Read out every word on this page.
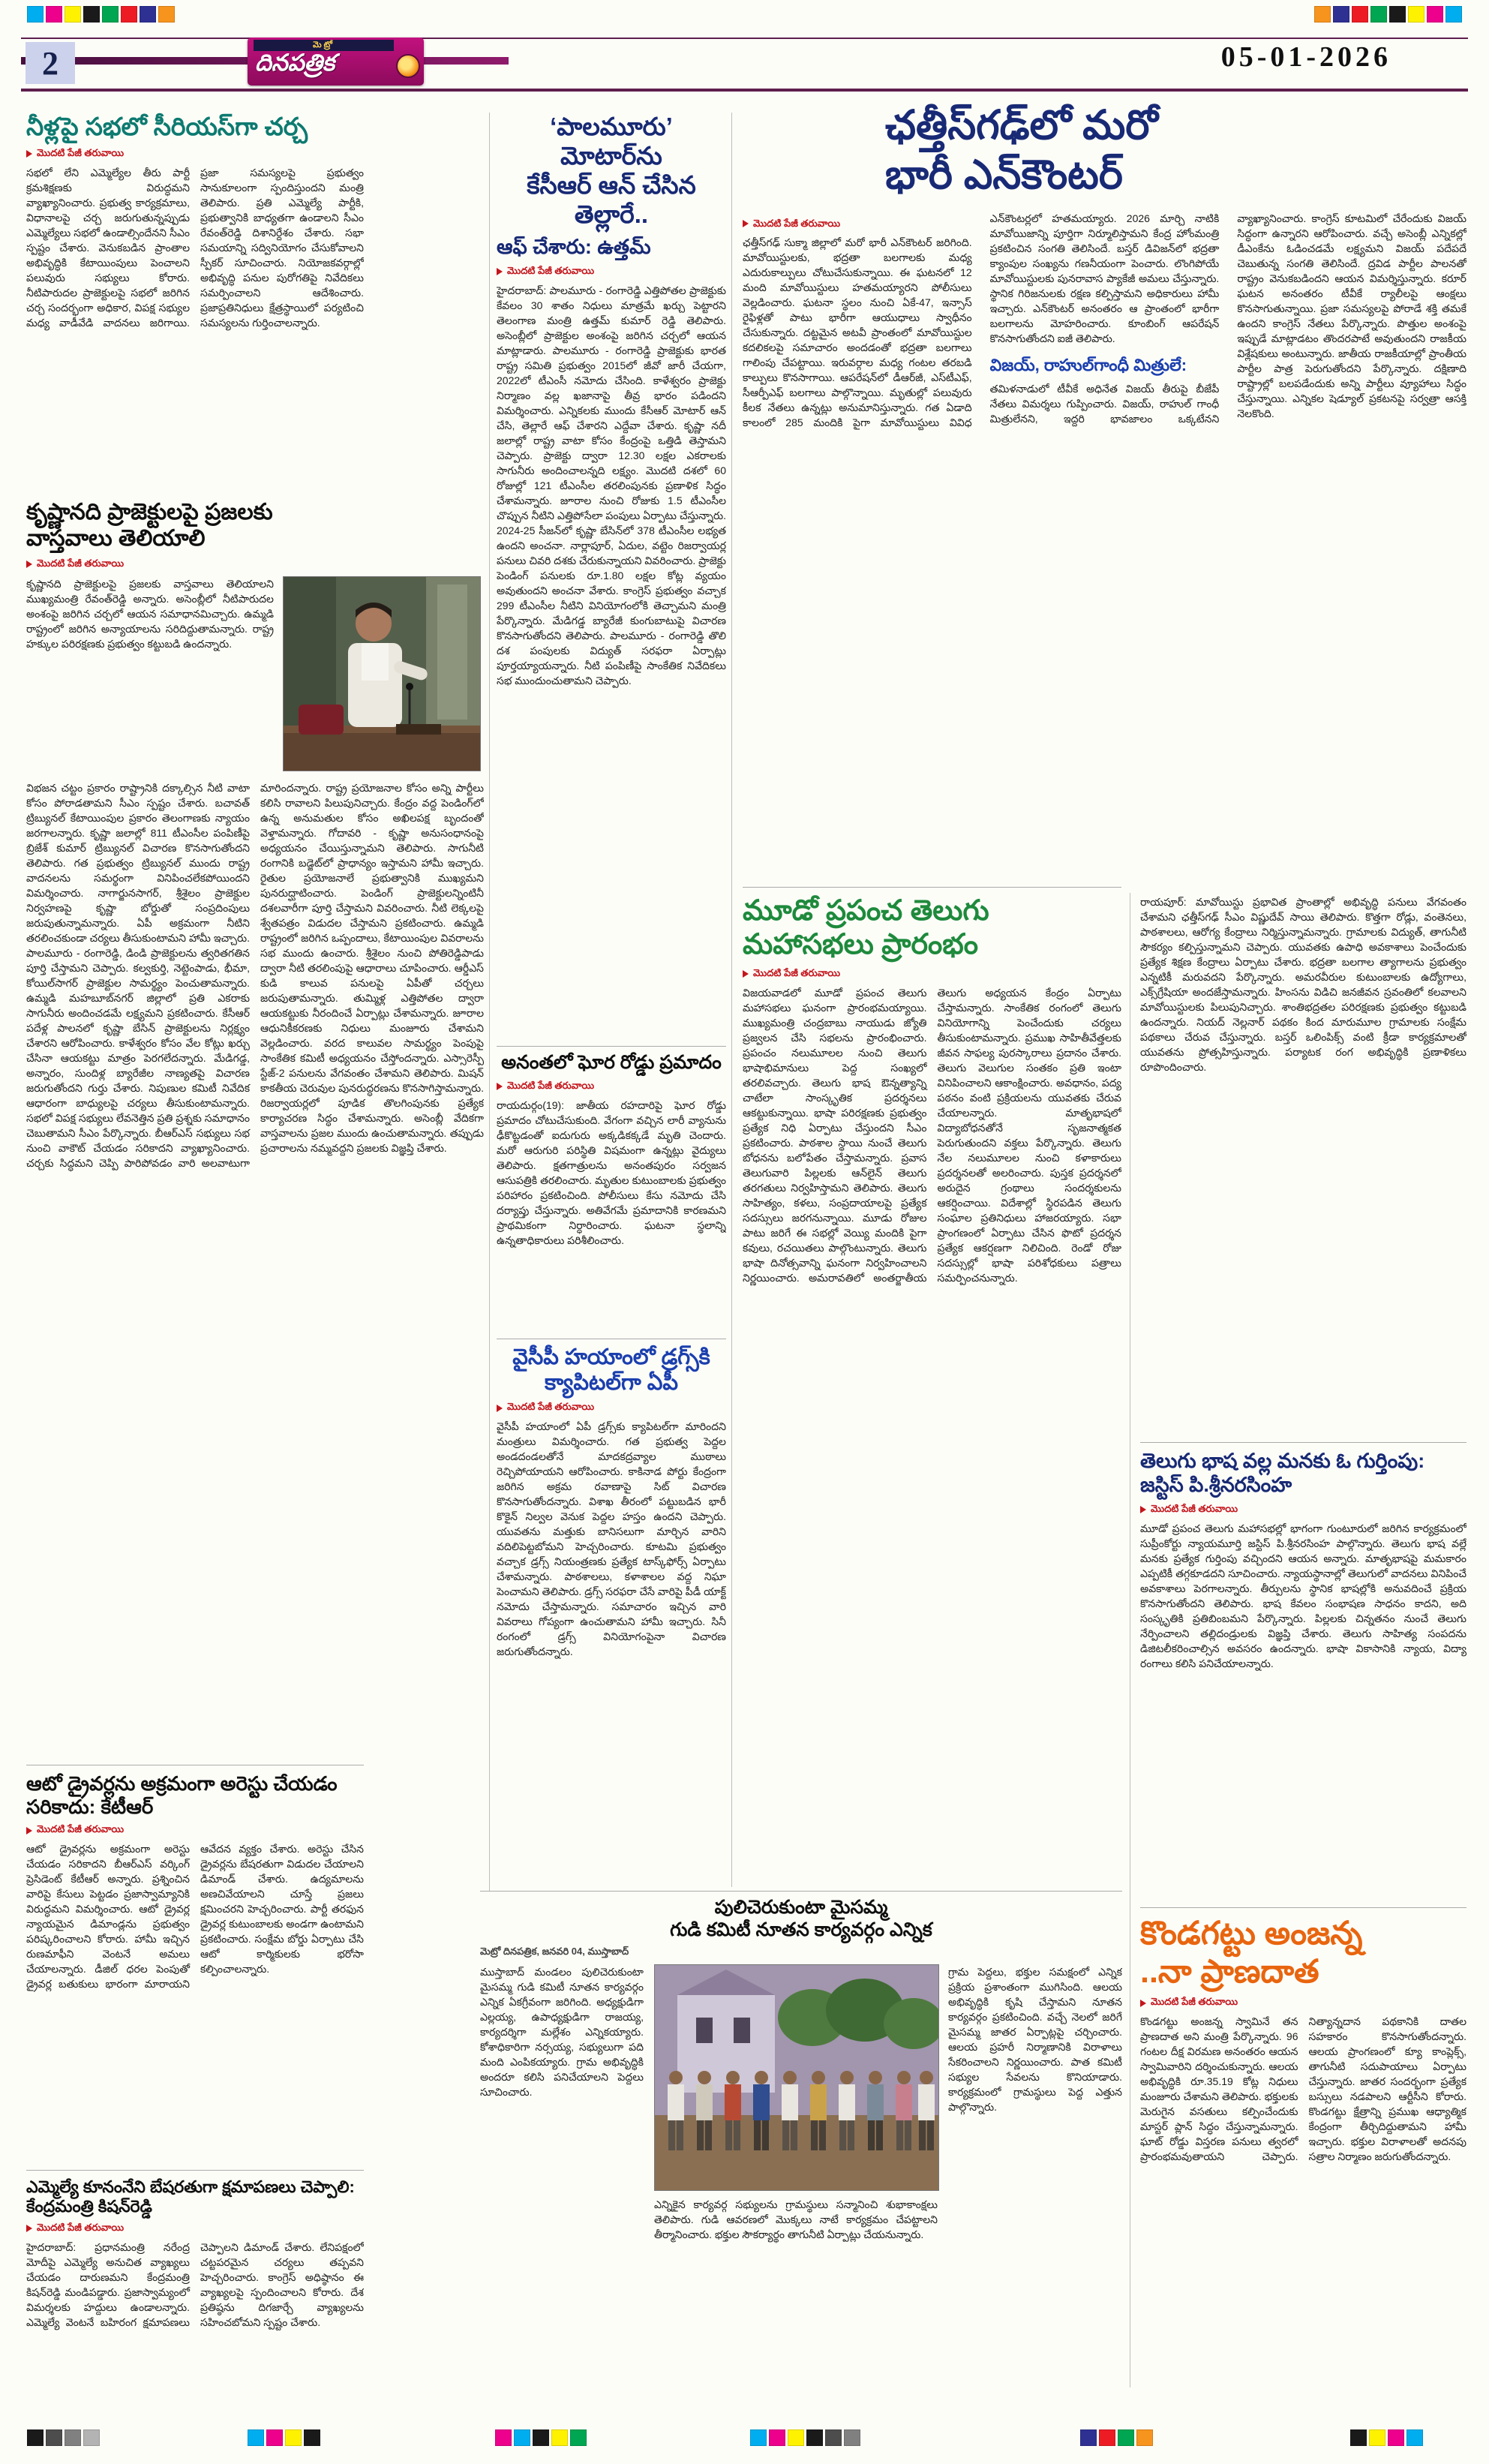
2	మెట్రో
దినపత్రిక	05-01-2026
నీళ్లపై సభలో సీరియస్‌గా చర్చ
మొదటి పేజీ తరువాయి
సభలో లేని ఎమ్మెల్యేల తీరు పార్టీ క్రమశిక్షణకు విరుద్ధమని వ్యాఖ్యానించారు. ప్రభుత్వ కార్యక్రమాలు, విధానాలపై చర్చ జరుగుతున్నప్పుడు ఎమ్మెల్యేలు సభలో ఉండాల్సిందేనని సీఎం స్పష్టం చేశారు. వెనుకబడిన ప్రాంతాల అభివృద్ధికి కేటాయింపులు పెంచాలని పలువురు సభ్యులు కోరారు. నీటిపారుదల ప్రాజెక్టులపై సభలో జరిగిన చర్చ సందర్భంగా అధికార, విపక్ష సభ్యుల మధ్య వాడీవేడి వాదనలు జరిగాయి. ప్రజా సమస్యలపై ప్రభుత్వం సానుకూలంగా స్పందిస్తుందని మంత్రి తెలిపారు. ప్రతి ఎమ్మెల్యే పార్టీకి, ప్రభుత్వానికి బాధ్యతగా ఉండాలని సీఎం రేవంత్‌రెడ్డి దిశానిర్దేశం చేశారు. సభా సమయాన్ని సద్వినియోగం చేసుకోవాలని స్పీకర్ సూచించారు. నియోజకవర్గాల్లో అభివృద్ధి పనుల పురోగతిపై నివేదికలు సమర్పించాలని ఆదేశించారు. ప్రజాప్రతినిధులు క్షేత్రస్థాయిలో పర్యటించి సమస్యలను గుర్తించాలన్నారు.
కృష్ణానది ప్రాజెక్టులపై ప్రజలకు వాస్తవాలు తెలియాలి
మొదటి పేజీ తరువాయి
కృష్ణానది ప్రాజెక్టులపై ప్రజలకు వాస్తవాలు తెలియాలని ముఖ్యమంత్రి రేవంత్‌రెడ్డి అన్నారు. అసెంబ్లీలో నీటిపారుదల అంశంపై జరిగిన చర్చలో ఆయన సమాధానమిచ్చారు. ఉమ్మడి రాష్ట్రంలో జరిగిన అన్యాయాలను సరిదిద్దుతామన్నారు. రాష్ట్ర హక్కుల పరిరక్షణకు ప్రభుత్వం కట్టుబడి ఉందన్నారు.
విభజన చట్టం ప్రకారం రాష్ట్రానికి దక్కాల్సిన నీటి వాటా కోసం పోరాడతామని సీఎం స్పష్టం చేశారు. బచావత్ ట్రిబ్యునల్ కేటాయింపుల ప్రకారం తెలంగాణకు న్యాయం జరగాలన్నారు. కృష్ణా జలాల్లో 811 టీఎంసీల పంపిణీపై బ్రిజేశ్ కుమార్ ట్రిబ్యునల్ విచారణ కొనసాగుతోందని తెలిపారు. గత ప్రభుత్వం ట్రిబ్యునల్ ముందు రాష్ట్ర వాదనలను సమర్థంగా వినిపించలేకపోయిందని విమర్శించారు. నాగార్జునసాగర్, శ్రీశైలం ప్రాజెక్టుల నిర్వహణపై కృష్ణా బోర్డుతో సంప్రదింపులు జరుపుతున్నామన్నారు. ఏపీ అక్రమంగా నీటిని తరలించకుండా చర్యలు తీసుకుంటామని హామీ ఇచ్చారు. పాలమూరు - రంగారెడ్డి, డిండి ప్రాజెక్టులను త్వరితగతిన పూర్తి చేస్తామని చెప్పారు. కల్వకుర్తి, నెట్టెంపాడు, భీమా, కోయిల్‌సాగర్ ప్రాజెక్టుల సామర్థ్యం పెంచుతామన్నారు. ఉమ్మడి మహబూబ్‌నగర్ జిల్లాలో ప్రతి ఎకరాకు సాగునీరు అందించడమే లక్ష్యమని ప్రకటించారు. కేసీఆర్ పదేళ్ల పాలనలో కృష్ణా బేసిన్ ప్రాజెక్టులను నిర్లక్ష్యం చేశారని ఆరోపించారు. కాళేశ్వరం కోసం వేల కోట్లు ఖర్చు చేసినా ఆయకట్టు మాత్రం పెరగలేదన్నారు. మేడిగడ్డ, అన్నారం, సుందిళ్ల బ్యారేజీల నాణ్యతపై విచారణ జరుగుతోందని గుర్తు చేశారు. నిపుణుల కమిటీ నివేదిక ఆధారంగా బాధ్యులపై చర్యలు తీసుకుంటామన్నారు. సభలో విపక్ష సభ్యులు లేవనెత్తిన ప్రతి ప్రశ్నకు సమాధానం చెబుతామని సీఎం పేర్కొన్నారు. బీఆర్ఎస్ సభ్యులు సభ నుంచి వాకౌట్ చేయడం సరికాదని వ్యాఖ్యానించారు. చర్చకు సిద్ధమని చెప్పి పారిపోవడం వారి అలవాటుగా మారిందన్నారు. రాష్ట్ర ప్రయోజనాల కోసం అన్ని పార్టీలు కలిసి రావాలని పిలుపునిచ్చారు. కేంద్రం వద్ద పెండింగ్‌లో ఉన్న అనుమతుల కోసం అఖిలపక్ష బృందంతో వెళ్తామన్నారు. గోదావరి - కృష్ణా అనుసంధానంపై అధ్యయనం చేయిస్తున్నామని తెలిపారు. సాగునీటి రంగానికి బడ్జెట్‌లో ప్రాధాన్యం ఇస్తామని హామీ ఇచ్చారు. రైతుల ప్రయోజనాలే ప్రభుత్వానికి ముఖ్యమని పునరుద్ఘాటించారు. పెండింగ్ ప్రాజెక్టులన్నింటినీ దశలవారీగా పూర్తి చేస్తామని వివరించారు. నీటి లెక్కలపై శ్వేతపత్రం విడుదల చేస్తామని ప్రకటించారు. ఉమ్మడి రాష్ట్రంలో జరిగిన ఒప్పందాలు, కేటాయింపుల వివరాలను సభ ముందు ఉంచారు. శ్రీశైలం నుంచి పోతిరెడ్డిపాడు ద్వారా నీటి తరలింపుపై ఆధారాలు చూపించారు. ఆర్డీఎస్ కుడి కాలువ పనులపై ఏపీతో చర్చలు జరుపుతామన్నారు. తుమ్మిళ్ల ఎత్తిపోతల ద్వారా ఆయకట్టుకు నీరందించే ఏర్పాట్లు చేశామన్నారు. జూరాల ఆధునికీకరణకు నిధులు మంజూరు చేశామని వెల్లడించారు. వరద కాలువల సామర్థ్యం పెంపుపై సాంకేతిక కమిటీ అధ్యయనం చేస్తోందన్నారు. ఎస్సారెస్పీ స్టేజ్-2 పనులను వేగవంతం చేశామని తెలిపారు. మిషన్ కాకతీయ చెరువుల పునరుద్ధరణను కొనసాగిస్తామన్నారు. రిజర్వాయర్లలో పూడిక తొలగింపునకు ప్రత్యేక కార్యాచరణ సిద్ధం చేశామన్నారు. అసెంబ్లీ వేదికగా వాస్తవాలను ప్రజల ముందు ఉంచుతామన్నారు. తప్పుడు ప్రచారాలను నమ్మవద్దని ప్రజలకు విజ్ఞప్తి చేశారు.
ఆటో డ్రైవర్లను అక్రమంగా అరెస్టు చేయడం సరికాదు: కేటీఆర్
మొదటి పేజీ తరువాయి
ఆటో డ్రైవర్లను అక్రమంగా అరెస్టు చేయడం సరికాదని బీఆర్ఎస్ వర్కింగ్ ప్రెసిడెంట్ కేటీఆర్ అన్నారు. ప్రశ్నించిన వారిపై కేసులు పెట్టడం ప్రజాస్వామ్యానికి విరుద్ధమని విమర్శించారు. ఆటో డ్రైవర్ల న్యాయమైన డిమాండ్లను ప్రభుత్వం పరిష్కరించాలని కోరారు. హామీ ఇచ్చిన రుణమాఫీని వెంటనే అమలు చేయాలన్నారు. డీజిల్ ధరల పెంపుతో డ్రైవర్ల బతుకులు భారంగా మారాయని ఆవేదన వ్యక్తం చేశారు. అరెస్టు చేసిన డ్రైవర్లను బేషరతుగా విడుదల చేయాలని డిమాండ్ చేశారు. ఉద్యమాలను అణచివేయాలని చూస్తే ప్రజలు క్షమించరని హెచ్చరించారు. పార్టీ తరఫున డ్రైవర్ల కుటుంబాలకు అండగా ఉంటామని ప్రకటించారు. సంక్షేమ బోర్డు ఏర్పాటు చేసి ఆటో కార్మికులకు భరోసా కల్పించాలన్నారు.
ఎమ్మెల్యే కూనంనేని బేషరతుగా క్షమాపణలు చెప్పాలి: కేంద్రమంత్రి కిషన్‌రెడ్డి
మొదటి పేజీ తరువాయి
హైదరాబాద్: ప్రధానమంత్రి నరేంద్ర మోదీపై ఎమ్మెల్యే అనుచిత వ్యాఖ్యలు చేయడం దారుణమని కేంద్రమంత్రి కిషన్‌రెడ్డి మండిపడ్డారు. ప్రజాస్వామ్యంలో విమర్శలకు హద్దులు ఉండాలన్నారు. ఎమ్మెల్యే వెంటనే బహిరంగ క్షమాపణలు చెప్పాలని డిమాండ్ చేశారు. లేనిపక్షంలో చట్టపరమైన చర్యలు తప్పవని హెచ్చరించారు. కాంగ్రెస్ అధిష్ఠానం ఈ వ్యాఖ్యలపై స్పందించాలని కోరారు. దేశ ప్రతిష్ఠను దిగజార్చే వ్యాఖ్యలను సహించబోమని స్పష్టం చేశారు.
‘పాలమూరు’ మోటార్‌ను
కేసీఆర్ ఆన్ చేసిన తెల్లారే..
ఆఫ్ చేశారు: ఉత్తమ్
మొదటి పేజీ తరువాయి
హైదరాబాద్: పాలమూరు - రంగారెడ్డి ఎత్తిపోతల ప్రాజెక్టుకు కేవలం 30 శాతం నిధులు మాత్రమే ఖర్చు పెట్టారని తెలంగాణ మంత్రి ఉత్తమ్ కుమార్ రెడ్డి తెలిపారు. అసెంబ్లీలో ప్రాజెక్టుల అంశంపై జరిగిన చర్చలో ఆయన మాట్లాడారు. పాలమూరు - రంగారెడ్డి ప్రాజెక్టుకు భారత రాష్ట్ర సమితి ప్రభుత్వం 2015లో జీవో జారీ చేయగా, 2022లో టీఎంసీ నమోదు చేసింది. కాళేశ్వరం ప్రాజెక్టు నిర్మాణం వల్ల ఖజానాపై తీవ్ర భారం పడిందని విమర్శించారు. ఎన్నికలకు ముందు కేసీఆర్ మోటార్ ఆన్ చేసి, తెల్లారే ఆఫ్ చేశారని ఎద్దేవా చేశారు. కృష్ణా నదీ జలాల్లో రాష్ట్ర వాటా కోసం కేంద్రంపై ఒత్తిడి తెస్తామని చెప్పారు. ప్రాజెక్టు ద్వారా 12.30 లక్షల ఎకరాలకు సాగునీరు అందించాలన్నది లక్ష్యం. మొదటి దశలో 60 రోజుల్లో 121 టీఎంసీల తరలింపునకు ప్రణాళిక సిద్ధం చేశామన్నారు. జూరాల నుంచి రోజుకు 1.5 టీఎంసీల చొప్పున నీటిని ఎత్తిపోసేలా పంపులు ఏర్పాటు చేస్తున్నారు. 2024-25 సీజన్‌లో కృష్ణా బేసిన్‌లో 378 టీఎంసీల లభ్యత ఉందని అంచనా. నార్లాపూర్, ఏదుల, వట్టెం రిజర్వాయర్ల పనులు చివరి దశకు చేరుకున్నాయని వివరించారు. ప్రాజెక్టు పెండింగ్ పనులకు రూ.1.80 లక్షల కోట్ల వ్యయం అవుతుందని అంచనా వేశారు. కాంగ్రెస్ ప్రభుత్వం వచ్చాక 299 టీఎంసీల నీటిని వినియోగంలోకి తెచ్చామని మంత్రి పేర్కొన్నారు. మేడిగడ్డ బ్యారేజీ కుంగుబాటుపై విచారణ కొనసాగుతోందని తెలిపారు. పాలమూరు - రంగారెడ్డి తొలి దశ పంపులకు విద్యుత్ సరఫరా ఏర్పాట్లు పూర్తయ్యాయన్నారు. నీటి పంపిణీపై సాంకేతిక నివేదికలు సభ ముందుంచుతామని చెప్పారు.
అనంతలో ఘోర రోడ్డు ప్రమాదం
మొదటి పేజీ తరువాయి
రాయదుర్గం(19): జాతీయ రహదారిపై ఘోర రోడ్డు ప్రమాదం చోటుచేసుకుంది. వేగంగా వచ్చిన లారీ వ్యానును ఢీకొట్టడంతో ఐదుగురు అక్కడికక్కడే మృతి చెందారు. మరో ఆరుగురి పరిస్థితి విషమంగా ఉన్నట్లు వైద్యులు తెలిపారు. క్షతగాత్రులను అనంతపురం సర్వజన ఆసుపత్రికి తరలించారు. మృతుల కుటుంబాలకు ప్రభుత్వం పరిహారం ప్రకటించింది. పోలీసులు కేసు నమోదు చేసి దర్యాప్తు చేస్తున్నారు. అతివేగమే ప్రమాదానికి కారణమని ప్రాథమికంగా నిర్ధారించారు. ఘటనా స్థలాన్ని ఉన్నతాధికారులు పరిశీలించారు.
వైసీపీ హయాంలో డ్రగ్స్‌కి
క్యాపిటల్‌గా ఏపీ
మొదటి పేజీ తరువాయి
వైసీపీ హయాంలో ఏపీ డ్రగ్స్‌కు క్యాపిటల్‌గా మారిందని మంత్రులు విమర్శించారు. గత ప్రభుత్వ పెద్దల అండదండలతోనే మాదకద్రవ్యాల ముఠాలు రెచ్చిపోయాయని ఆరోపించారు. కాకినాడ పోర్టు కేంద్రంగా జరిగిన అక్రమ రవాణాపై సిట్ విచారణ కొనసాగుతోందన్నారు. విశాఖ తీరంలో పట్టుబడిన భారీ కొకైన్ నిల్వల వెనుక పెద్దల హస్తం ఉందని చెప్పారు. యువతను మత్తుకు బానిసలుగా మార్చిన వారిని వదిలిపెట్టబోమని హెచ్చరించారు. కూటమి ప్రభుత్వం వచ్చాక డ్రగ్స్ నియంత్రణకు ప్రత్యేక టాస్క్‌ఫోర్స్ ఏర్పాటు చేశామన్నారు. పాఠశాలలు, కళాశాలల వద్ద నిఘా పెంచామని తెలిపారు. డ్రగ్స్ సరఫరా చేసే వారిపై పీడీ యాక్ట్ నమోదు చేస్తామన్నారు. సమాచారం ఇచ్చిన వారి వివరాలు గోప్యంగా ఉంచుతామని హామీ ఇచ్చారు. సినీ రంగంలో డ్రగ్స్ వినియోగంపైనా విచారణ జరుగుతోందన్నారు.
పులిచెరుకుంటా మైసమ్మ
గుడి కమిటీ నూతన కార్యవర్గం ఎన్నిక
మెట్రో దినపత్రిక, జనవరి 04, ముస్తాబాద్
ముస్తాబాద్ మండలం పులిచెరుకుంటా మైసమ్మ గుడి కమిటీ నూతన కార్యవర్గం ఎన్నిక ఏకగ్రీవంగా జరిగింది. అధ్యక్షుడిగా ఎల్లయ్య, ఉపాధ్యక్షుడిగా రాజయ్య, కార్యదర్శిగా మల్లేశం ఎన్నికయ్యారు. కోశాధికారిగా నర్సయ్య, సభ్యులుగా పది మంది ఎంపికయ్యారు. గ్రామ అభివృద్ధికి అందరూ కలిసి పనిచేయాలని పెద్దలు సూచించారు.
ఎన్నికైన కార్యవర్గ సభ్యులను గ్రామస్థులు సన్మానించి శుభాకాంక్షలు తెలిపారు. గుడి ఆవరణలో మొక్కలు నాటే కార్యక్రమం చేపట్టాలని తీర్మానించారు. భక్తుల సౌకర్యార్థం తాగునీటి ఏర్పాట్లు చేయనున్నారు.
గ్రామ పెద్దలు, భక్తుల సమక్షంలో ఎన్నిక ప్రక్రియ ప్రశాంతంగా ముగిసింది. ఆలయ అభివృద్ధికి కృషి చేస్తామని నూతన కార్యవర్గం ప్రకటించింది. వచ్చే నెలలో జరిగే మైసమ్మ జాతర ఏర్పాట్లపై చర్చించారు. ఆలయ ప్రహరీ నిర్మాణానికి విరాళాలు సేకరించాలని నిర్ణయించారు. పాత కమిటీ సభ్యుల సేవలను కొనియాడారు. కార్యక్రమంలో గ్రామస్థులు పెద్ద ఎత్తున పాల్గొన్నారు.
ఛత్తీస్‌గఢ్‌లో మరో
భారీ ఎన్‌కౌంటర్
మొదటి పేజీ తరువాయి
ఛత్తీస్‌గఢ్ సుక్మా జిల్లాలో మరో భారీ ఎన్‌కౌంటర్ జరిగింది. మావోయిస్టులకు, భద్రతా బలగాలకు మధ్య ఎదురుకాల్పులు చోటుచేసుకున్నాయి. ఈ ఘటనలో 12 మంది మావోయిస్టులు హతమయ్యారని పోలీసులు వెల్లడించారు. ఘటనా స్థలం నుంచి ఏకే-47, ఇన్సాస్ రైఫిళ్లతో పాటు భారీగా ఆయుధాలు స్వాధీనం చేసుకున్నారు. దట్టమైన అటవీ ప్రాంతంలో మావోయిస్టుల కదలికలపై సమాచారం అందడంతో భద్రతా బలగాలు గాలింపు చేపట్టాయి. ఇరువర్గాల మధ్య గంటల తరబడి కాల్పులు కొనసాగాయి. ఆపరేషన్‌లో డీఆర్‌జీ, ఎస్‌టీఎఫ్, సీఆర్పీఎఫ్ బలగాలు పాల్గొన్నాయి. మృతుల్లో పలువురు కీలక నేతలు ఉన్నట్లు అనుమానిస్తున్నారు. గత ఏడాది కాలంలో 285 మందికి పైగా మావోయిస్టులు వివిధ ఎన్‌కౌంటర్లలో హతమయ్యారు. 2026 మార్చి నాటికి మావోయిజాన్ని పూర్తిగా నిర్మూలిస్తామని కేంద్ర హోంమంత్రి ప్రకటించిన సంగతి తెలిసిందే. బస్తర్ డివిజన్‌లో భద్రతా క్యాంపుల సంఖ్యను గణనీయంగా పెంచారు. లొంగిపోయే మావోయిస్టులకు పునరావాస ప్యాకేజీ అమలు చేస్తున్నారు. స్థానిక గిరిజనులకు రక్షణ కల్పిస్తామని అధికారులు హామీ ఇచ్చారు. ఎన్‌కౌంటర్ అనంతరం ఆ ప్రాంతంలో భారీగా బలగాలను మోహరించారు. కూంబింగ్ ఆపరేషన్ కొనసాగుతోందని ఐజీ తెలిపారు.
విజయ్, రాహుల్‌గాంధీ మిత్రులే:
తమిళనాడులో టీవీకే అధినేత విజయ్ తీరుపై బీజేపీ నేతలు విమర్శలు గుప్పించారు. విజయ్, రాహుల్ గాంధీ మిత్రులేనని, ఇద్దరి భావజాలం ఒక్కటేనని వ్యాఖ్యానించారు. కాంగ్రెస్ కూటమిలో చేరేందుకు విజయ్ సిద్ధంగా ఉన్నారని ఆరోపించారు. వచ్చే అసెంబ్లీ ఎన్నికల్లో డీఎంకేను ఓడించడమే లక్ష్యమని విజయ్ పదేపదే చెబుతున్న సంగతి తెలిసిందే. ద్రవిడ పార్టీల పాలనతో రాష్ట్రం వెనుకబడిందని ఆయన విమర్శిస్తున్నారు. కరూర్ ఘటన అనంతరం టీవీకే ర్యాలీలపై ఆంక్షలు కొనసాగుతున్నాయి. ప్రజా సమస్యలపై పోరాడే శక్తి తమకే ఉందని కాంగ్రెస్ నేతలు పేర్కొన్నారు. పొత్తుల అంశంపై ఇప్పుడే మాట్లాడటం తొందరపాటే అవుతుందని రాజకీయ విశ్లేషకులు అంటున్నారు. జాతీయ రాజకీయాల్లో ప్రాంతీయ పార్టీల పాత్ర పెరుగుతోందని పేర్కొన్నారు. దక్షిణాది రాష్ట్రాల్లో బలపడేందుకు అన్ని పార్టీలు వ్యూహాలు సిద్ధం చేస్తున్నాయి. ఎన్నికల షెడ్యూల్ ప్రకటనపై సర్వత్రా ఆసక్తి నెలకొంది.
రాయపూర్: మావోయిస్టు ప్రభావిత ప్రాంతాల్లో అభివృద్ధి పనులు వేగవంతం చేశామని ఛత్తీస్‌గఢ్ సీఎం విష్ణుదేవ్ సాయి తెలిపారు. కొత్తగా రోడ్లు, వంతెనలు, పాఠశాలలు, ఆరోగ్య కేంద్రాలు నిర్మిస్తున్నామన్నారు. గ్రామాలకు విద్యుత్, తాగునీటి సౌకర్యం కల్పిస్తున్నామని చెప్పారు. యువతకు ఉపాధి అవకాశాలు పెంచేందుకు ప్రత్యేక శిక్షణ కేంద్రాలు ఏర్పాటు చేశారు. భద్రతా బలగాల త్యాగాలను ప్రభుత్వం ఎన్నటికీ మరువదని పేర్కొన్నారు. అమరవీరుల కుటుంబాలకు ఉద్యోగాలు, ఎక్స్‌గ్రేషియా అందజేస్తామన్నారు. హింసను విడిచి జనజీవన స్రవంతిలో కలవాలని మావోయిస్టులకు పిలుపునిచ్చారు. శాంతిభద్రతల పరిరక్షణకు ప్రభుత్వం కట్టుబడి ఉందన్నారు. నియద్ నెల్లనార్ పథకం కింద మారుమూల గ్రామాలకు సంక్షేమ పథకాలు చేరువ చేస్తున్నారు. బస్తర్ ఒలింపిక్స్ వంటి క్రీడా కార్యక్రమాలతో యువతను ప్రోత్సహిస్తున్నారు. పర్యాటక రంగ అభివృద్ధికి ప్రణాళికలు రూపొందించారు.
మూడో ప్రపంచ తెలుగు
మహాసభలు ప్రారంభం
మొదటి పేజీ తరువాయి
విజయవాడలో మూడో ప్రపంచ తెలుగు మహాసభలు ఘనంగా ప్రారంభమయ్యాయి. ముఖ్యమంత్రి చంద్రబాబు నాయుడు జ్యోతి ప్రజ్వలన చేసి సభలను ప్రారంభించారు. ప్రపంచం నలుమూలల నుంచి తెలుగు భాషాభిమానులు పెద్ద సంఖ్యలో తరలివచ్చారు. తెలుగు భాష ఔన్నత్యాన్ని చాటేలా సాంస్కృతిక ప్రదర్శనలు ఆకట్టుకున్నాయి. భాషా పరిరక్షణకు ప్రభుత్వం ప్రత్యేక నిధి ఏర్పాటు చేస్తుందని సీఎం ప్రకటించారు. పాఠశాల స్థాయి నుంచే తెలుగు బోధనను బలోపేతం చేస్తామన్నారు. ప్రవాస తెలుగువారి పిల్లలకు ఆన్‌లైన్ తెలుగు తరగతులు నిర్వహిస్తామని తెలిపారు. తెలుగు సాహిత్యం, కళలు, సంప్రదాయాలపై ప్రత్యేక సదస్సులు జరగనున్నాయి. మూడు రోజుల పాటు జరిగే ఈ సభల్లో వెయ్యి మందికి పైగా కవులు, రచయితలు పాల్గొంటున్నారు. తెలుగు భాషా దినోత్సవాన్ని ఘనంగా నిర్వహించాలని నిర్ణయించారు. అమరావతిలో అంతర్జాతీయ తెలుగు అధ్యయన కేంద్రం ఏర్పాటు చేస్తామన్నారు. సాంకేతిక రంగంలో తెలుగు వినియోగాన్ని పెంచేందుకు చర్యలు తీసుకుంటామన్నారు. ప్రముఖ సాహితీవేత్తలకు జీవన సాఫల్య పురస్కారాలు ప్రదానం చేశారు. తెలుగు వెలుగుల సంతకం ప్రతి ఇంటా వినిపించాలని ఆకాంక్షించారు. అవధానం, పద్య పఠనం వంటి ప్రక్రియలను యువతకు చేరువ చేయాలన్నారు. మాతృభాషలో విద్యాబోధనతోనే సృజనాత్మకత పెరుగుతుందని వక్తలు పేర్కొన్నారు. తెలుగు నేల నలుమూలల నుంచి కళాకారులు ప్రదర్శనలతో అలరించారు. పుస్తక ప్రదర్శనలో అరుదైన గ్రంథాలు సందర్శకులను ఆకర్షించాయి. విదేశాల్లో స్థిరపడిన తెలుగు సంఘాల ప్రతినిధులు హాజరయ్యారు. సభా ప్రాంగణంలో ఏర్పాటు చేసిన ఫొటో ప్రదర్శన ప్రత్యేక ఆకర్షణగా నిలిచింది. రెండో రోజు సదస్సుల్లో భాషా పరిశోధకులు పత్రాలు సమర్పించనున్నారు.
తెలుగు భాష వల్ల మనకు ఓ గుర్తింపు: జస్టిస్ పి.శ్రీనరసింహ
మొదటి పేజీ తరువాయి
మూడో ప్రపంచ తెలుగు మహాసభల్లో భాగంగా గుంటూరులో జరిగిన కార్యక్రమంలో సుప్రీంకోర్టు న్యాయమూర్తి జస్టిస్ పి.శ్రీనరసింహ పాల్గొన్నారు. తెలుగు భాష వల్లే మనకు ప్రత్యేక గుర్తింపు వచ్చిందని ఆయన అన్నారు. మాతృభాషపై మమకారం ఎప్పటికీ తగ్గకూడదని సూచించారు. న్యాయస్థానాల్లో తెలుగులో వాదనలు వినిపించే అవకాశాలు పెరగాలన్నారు. తీర్పులను స్థానిక భాషల్లోకి అనువదించే ప్రక్రియ కొనసాగుతోందని తెలిపారు. భాష కేవలం సంభాషణ సాధనం కాదని, అది సంస్కృతికి ప్రతిబింబమని పేర్కొన్నారు. పిల్లలకు చిన్నతనం నుంచే తెలుగు నేర్పించాలని తల్లిదండ్రులకు విజ్ఞప్తి చేశారు. తెలుగు సాహిత్య సంపదను డిజిటలీకరించాల్సిన అవసరం ఉందన్నారు. భాషా వికాసానికి న్యాయ, విద్యా రంగాలు కలిసి పనిచేయాలన్నారు.
కొండగట్టు అంజన్న
..నా ప్రాణదాత
మొదటి పేజీ తరువాయి
కొండగట్టు అంజన్న స్వామినే తన ప్రాణదాత అని మంత్రి పేర్కొన్నారు. 96 గంటల దీక్ష విరమణ అనంతరం ఆయన స్వామివారిని దర్శించుకున్నారు. ఆలయ అభివృద్ధికి రూ.35.19 కోట్ల నిధులు మంజూరు చేశామని తెలిపారు. భక్తులకు మెరుగైన వసతులు కల్పించేందుకు మాస్టర్ ప్లాన్ సిద్ధం చేస్తున్నామన్నారు. ఘాట్ రోడ్డు విస్తరణ పనులు త్వరలో ప్రారంభమవుతాయని చెప్పారు. నిత్యాన్నదాన పథకానికి దాతల సహకారం కొనసాగుతోందన్నారు. ఆలయ ప్రాంగణంలో క్యూ కాంప్లెక్స్, తాగునీటి సదుపాయాలు ఏర్పాటు చేస్తున్నారు. జాతర సందర్భంగా ప్రత్యేక బస్సులు నడపాలని ఆర్టీసీని కోరారు. కొండగట్టు క్షేత్రాన్ని ప్రముఖ ఆధ్యాత్మిక కేంద్రంగా తీర్చిదిద్దుతామని హామీ ఇచ్చారు. భక్తుల విరాళాలతో అదనపు సత్రాల నిర్మాణం జరుగుతోందన్నారు.
